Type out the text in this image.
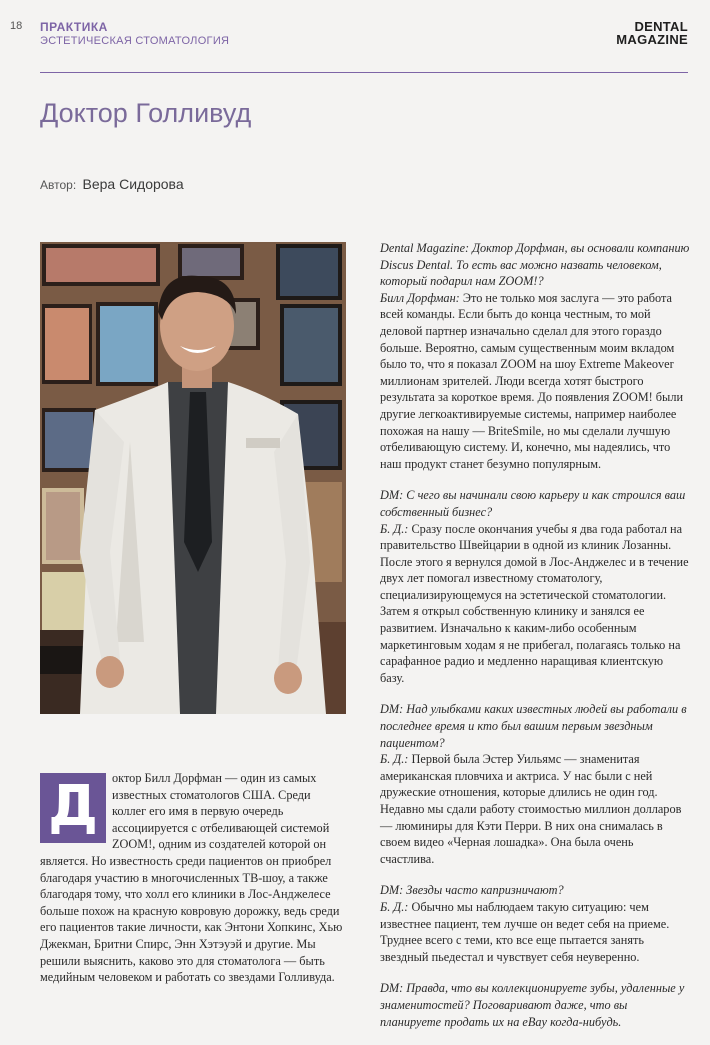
18 ПРАКТИКА
ЭСТЕТИЧЕСКАЯ СТОМАТОЛОГИЯ
DENTAL
MAGAZINE
Доктор Голливуд
Автор: Вера Сидорова
Д	октор Билл Дорфман — один из самых известных стоматологов США. Среди коллег его имя в первую очередь ассоциируется с отбеливающей системой ZOOM!, одним из создателей которой он является. Но известность среди пациентов он приобрел благодаря участию в многочисленных ТВ-шоу, а также благодаря тому, что холл его клиники в Лос-Анджелесе больше похож на красную ковровую дорожку, ведь среди его пациентов такие личности, как Энтони Хопкинс, Хью Джекман, Бритни Спирс, Энн Хэтэуэй и другие. Мы решили выяснить, каково это для стоматолога — быть медийным человеком и работать со звездами Голливуда.

Dental Magazine: Доктор Дорфман, вы основали компанию Discus Dental. То есть вас можно назвать человеком, который подарил нам ZOOM!?

Билл Дорфман: Это не только моя заслуга — это работа всей команды. Если быть до конца честным, то мой деловой партнер изначально сделал для этого гораздо больше. Вероятно, самым существенным моим вкладом было то, что я показал ZOOM на шоу Extreme Makeover миллионам зрителей. Люди всегда хотят быстрого результата за короткое время. До появления ZOOM! были другие легкоактивируемые системы, например наиболее похожая на нашу — BriteSmile, но мы сделали лучшую отбеливающую систему. И, конечно, мы надеялись, что наш продукт станет безумно популярным.

DM: С чего вы начинали свою карьеру и как строился ваш собственный бизнес?

Б. Д.: Сразу после окончания учебы я два года работал на правительство Швейцарии в одной из клиник Лозанны. После этого я вернулся домой в Лос-Анджелес и в течение двух лет помогал известному стоматологу, специализирующемуся на эстетической стоматологии. Затем я открыл собственную клинику и занялся ее развитием. Изначально к каким-либо особенным маркетинговым ходам я не прибегал, полагаясь только на сарафанное радио и медленно наращивая клиентскую базу.

DM: Над улыбками каких известных людей вы работали в последнее время и кто был вашим первым звездным пациентом?

Б. Д.: Первой была Эстер Уильямс — знаменитая американская пловчиха и актриса. У нас были с ней дружеские отношения, которые длились не один год. Недавно мы сдали работу стоимостью миллион долларов — люминиры для Кэти Перри. В них она снималась в своем видео «Черная лошадка». Она была очень счастлива.

DM: Звезды часто капризничают?

Б. Д.: Обычно мы наблюдаем такую ситуацию: чем известнее пациент, тем лучше он ведет себя на приеме. Труднее всего с теми, кто все еще пытается занять звездный пьедестал и чувствует себя неуверенно.

DM: Правда, что вы коллекционируете зубы, удаленные у знаменитостей? Поговаривают даже, что вы планируете продать их на eBay когда-нибудь.
